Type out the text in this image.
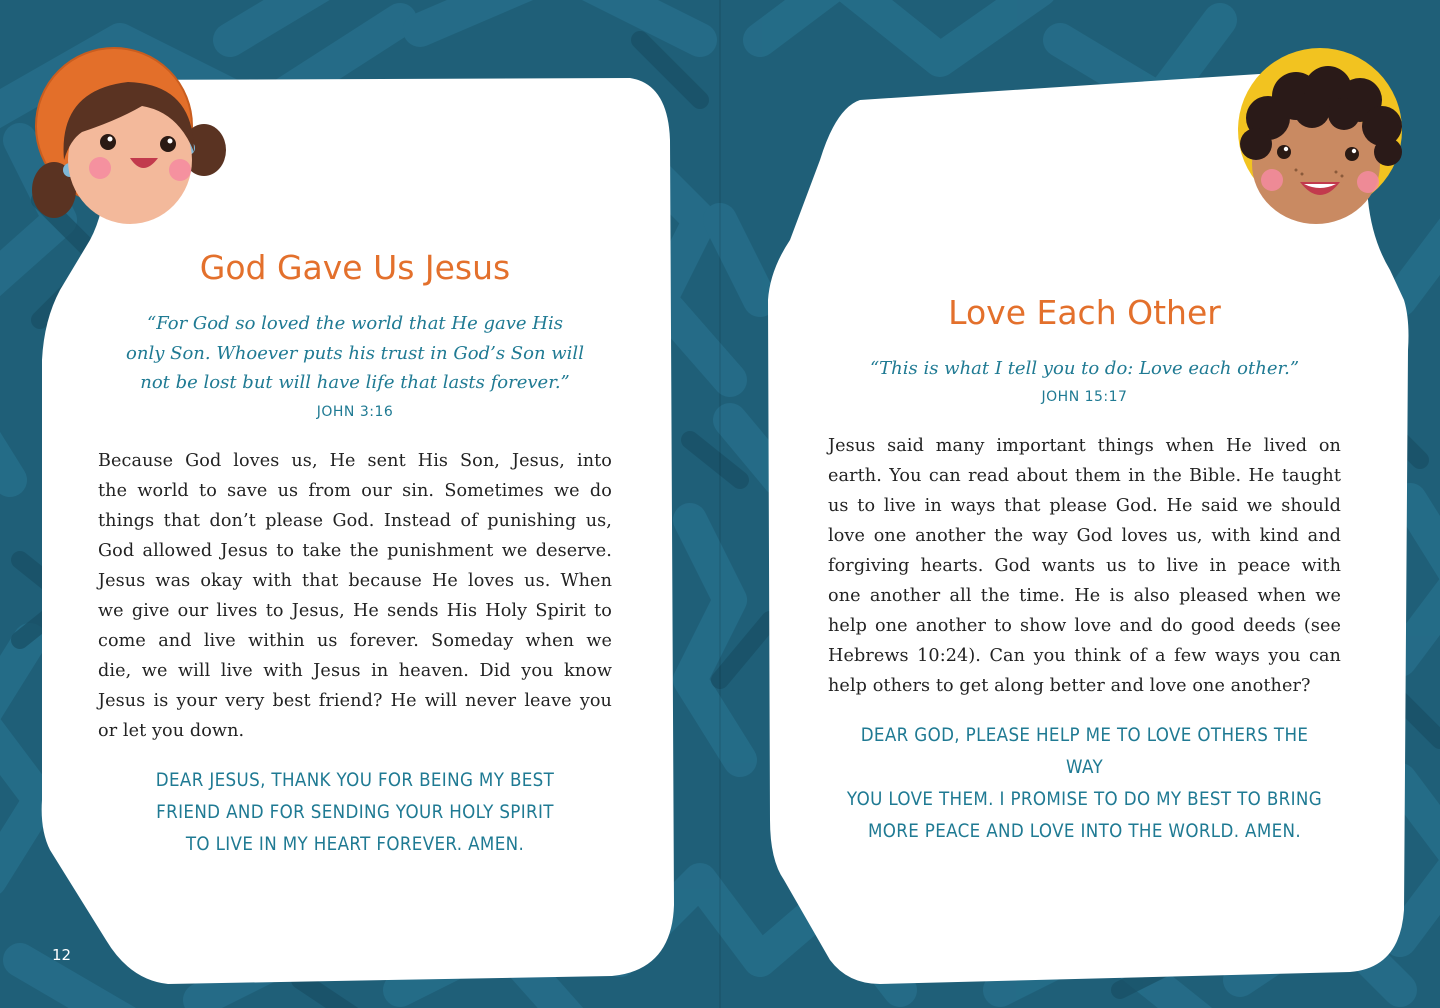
God Gave Us Jesus
“For God so loved the world that He gave His
only Son. Whoever puts his trust in God’s Son will
not be lost but will have life that lasts forever.”
JOHN 3:16
Because God loves us, He sent His Son, Jesus, into
the world to save us from our sin. Sometimes we do
things that don’t please God. Instead of punishing us,
God allowed Jesus to take the punishment we deserve.
Jesus was okay with that because He loves us. When
we give our lives to Jesus, He sends His Holy Spirit to
come and live within us forever. Someday when we
die, we will live with Jesus in heaven. Did you know
Jesus is your very best friend? He will never leave you
or let you down.
DEAR JESUS, THANK YOU FOR BEING MY BEST
FRIEND AND FOR SENDING YOUR HOLY SPIRIT
TO LIVE IN MY HEART FOREVER. AMEN.
12
Love Each Other
“This is what I tell you to do: Love each other.”
JOHN 15:17
Jesus said many important things when He lived on
earth. You can read about them in the Bible. He taught
us to live in ways that please God. He said we should
love one another the way God loves us, with kind and
forgiving hearts. God wants us to live in peace with
one another all the time. He is also pleased when we
help one another to show love and do good deeds (see
Hebrews 10:24). Can you think of a few ways you can
help others to get along better and love one another?
DEAR GOD, PLEASE HELP ME TO LOVE OTHERS THE WAY
YOU LOVE THEM. I PROMISE TO DO MY BEST TO BRING
MORE PEACE AND LOVE INTO THE WORLD. AMEN.
13
